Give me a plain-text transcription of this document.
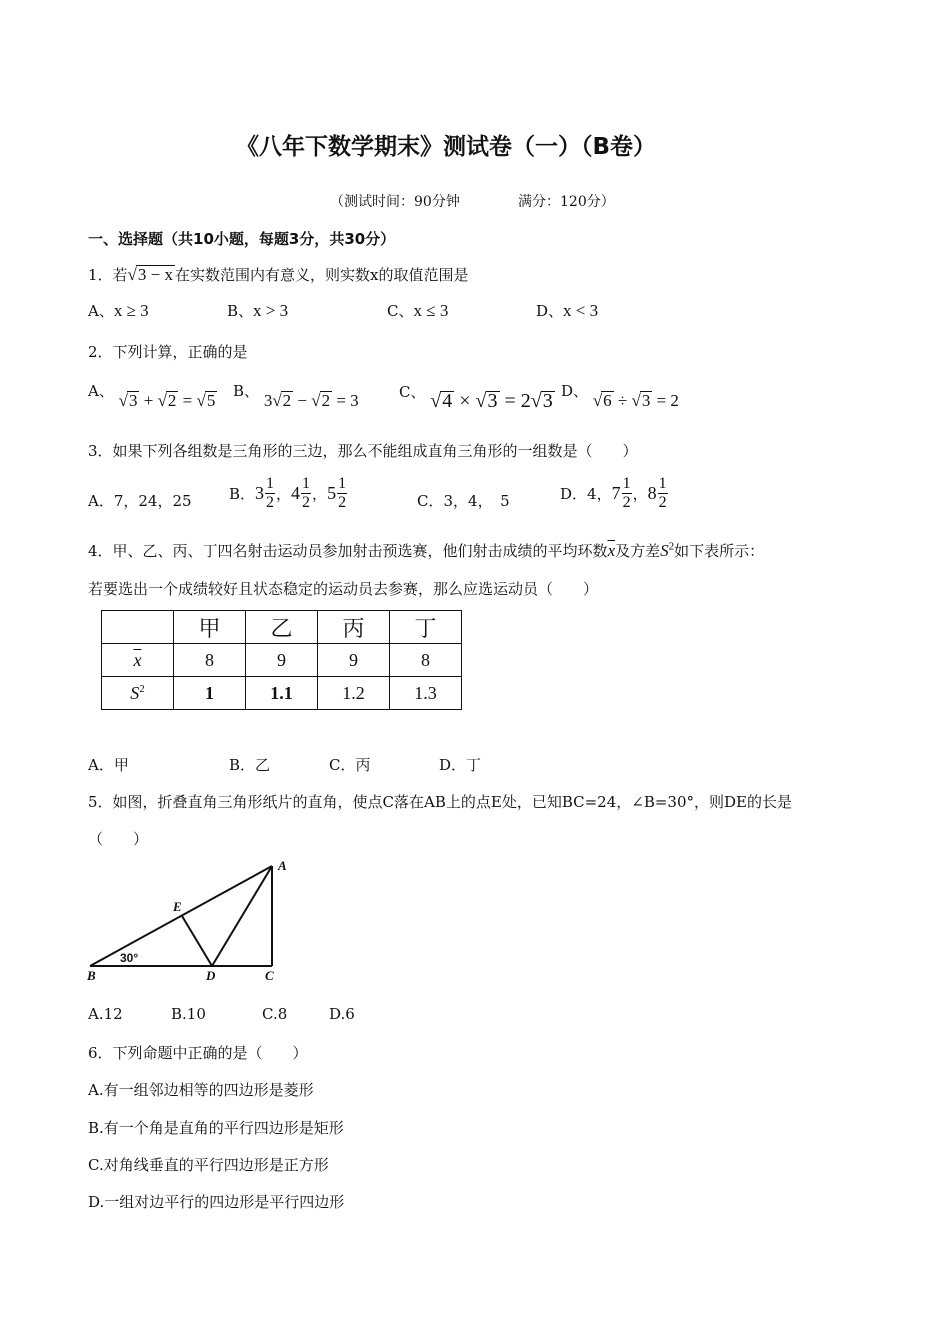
《八年下数学期末》测试卷（一）（B卷）
（测试时间：90分钟	满分：120分）
一、选择题（共10小题，每题3分，共30分）
1．若√3 − x 在实数范围内有意义，则实数x的取值范围是
A、x ≥ 3	B、x > 3	C、x ≤ 3	D、x < 3
2．下列计算，正确的是
A、 √3 + √2 = √5 B、 3√2 − √2 = 3	C、 √4 × √3 = 2√3 D、 √6 ÷ √3 = 2
3．如果下列各组数是三角形的三边，那么不能组成直角三角形的一组数是（　　）
A．7，24，25 B． $3 \frac{1}{2}$ ， $4 \frac{1}{2}$ ， $5 \frac{1}{2}$	C．3，4，　5	D．4， $7 \frac{1}{2}$ ， $8 \frac{1}{2}$
4．甲、乙、丙、丁四名射击运动员参加射击预选赛，他们射击成绩的平均环数$\overline{x}$及方差$S^2$如下表所示：
若要选出一个成绩较好且状态稳定的运动员去参赛，那么应选运动员（　　）
	甲	乙	丙	丁
$\overline{x}$	8	9	9	8
$S^2$	1	1.1	1.2	1.3
A．甲	B．乙	C．丙	D．丁
5．如图，折叠直角三角形纸片的直角，使点C落在AB上的点E处，已知BC=24，∠B=30°，则DE的长是
（　　）
A
E
B	D	C
30°
A.12	B.10	C.8	D.6
6．下列命题中正确的是（　　）
A.有一组邻边相等的四边形是菱形
B.有一个角是直角的平行四边形是矩形
C.对角线垂直的平行四边形是正方形
D.一组对边平行的四边形是平行四边形
